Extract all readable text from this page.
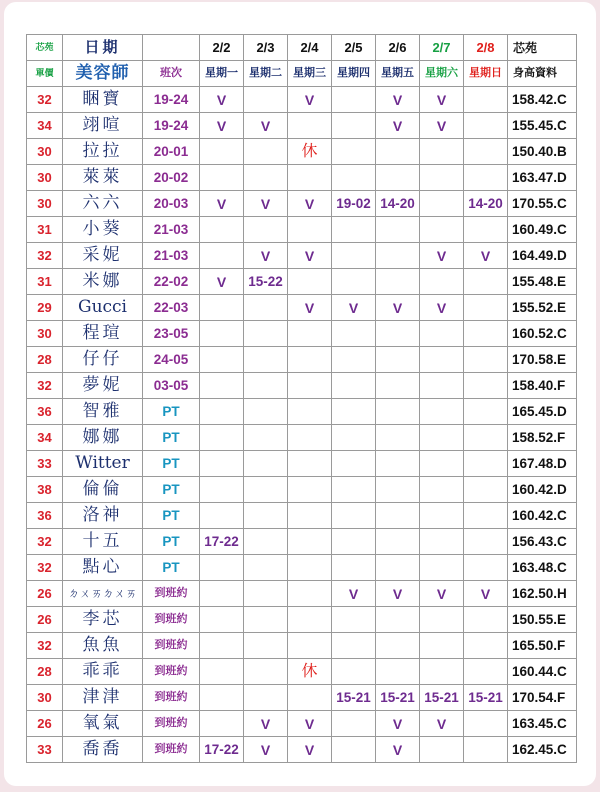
芯苑	日期		2/2	2/3	2/4	2/5	2/6	2/7	2/8	芯苑
單價	美容師	班次	星期一	星期二	星期三	星期四	星期五	星期六	星期日	身高資料
32	睏寶	19-24	V		V		V	V		158.42.C
34	翊喧	19-24	V	V			V	V		155.45.C
30	拉拉	20-01			休					150.40.B
30	萊萊	20-02								163.47.D
30	六六	20-03	V	V	V	19-02	14-20		14-20	170.55.C
31	小葵	21-03								160.49.C
32	采妮	21-03		V	V			V	V	164.49.D
31	米娜	22-02	V	15-22						155.48.E
29	Gucci	22-03			V	V	V	V		155.52.E
30	程瑄	23-05								160.52.C
28	仔仔	24-05								170.58.E
32	夢妮	03-05								158.40.F
36	智雅	PT								165.45.D
34	娜娜	PT								158.52.F
33	Witter	PT								167.48.D
38	倫倫	PT								160.42.D
36	洛神	PT								160.42.C
32	十五	PT	17-22							156.43.C
32	點心	PT								163.48.C
26	ㄉㄨㄞㄉㄨㄞ	到班約				V	V	V	V	162.50.H
26	李芯	到班約								150.55.E
32	魚魚	到班約								165.50.F
28	乖乖	到班約			休					160.44.C
30	津津	到班約				15-21	15-21	15-21	15-21	170.54.F
26	氧氣	到班約		V	V		V	V		163.45.C
33	喬喬	到班約	17-22	V	V		V			162.45.C
